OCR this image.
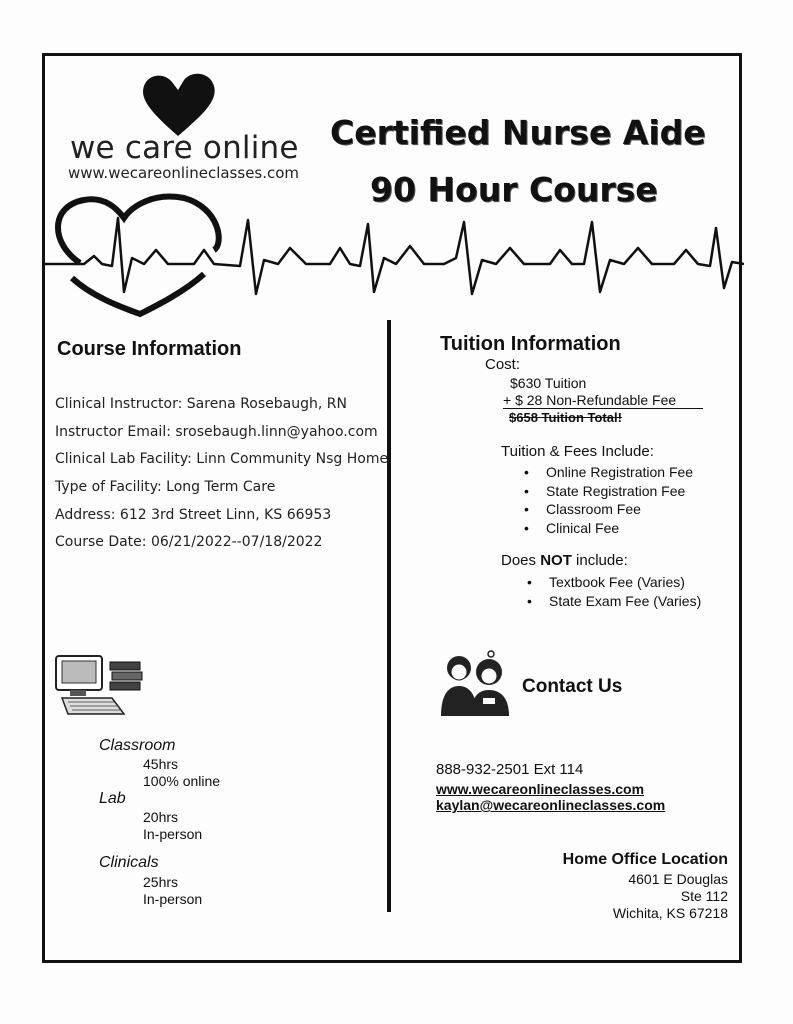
we care online
www.wecareonlineclasses.com
Certified Nurse Aide
90 Hour Course
Course Information
Clinical Instructor: Sarena Rosebaugh, RN
Instructor Email: srosebaugh.linn@yahoo.com
Clinical Lab Facility: Linn Community Nsg Home
Type of Facility: Long Term Care
Address: 612 3rd Street Linn, KS 66953
Course Date: 06/21/2022--07/18/2022
Classroom
45hrs
100% online
Lab
20hrs
In-person
Clinicals
25hrs
In-person
Tuition Information
Cost:
$630 Tuition
+ $ 28 Non-Refundable Fee
$658 Tuition Total!
Tuition & Fees Include:
• Online Registration Fee
• State Registration Fee
• Classroom Fee
• Clinical Fee
Does NOT include:
• Textbook Fee (Varies)
• State Exam Fee (Varies)
Contact Us
888-932-2501 Ext 114
www.wecareonlineclasses.com
kaylan@wecareonlineclasses.com
Home Office Location
4601 E Douglas
Ste 112
Wichita, KS 67218
